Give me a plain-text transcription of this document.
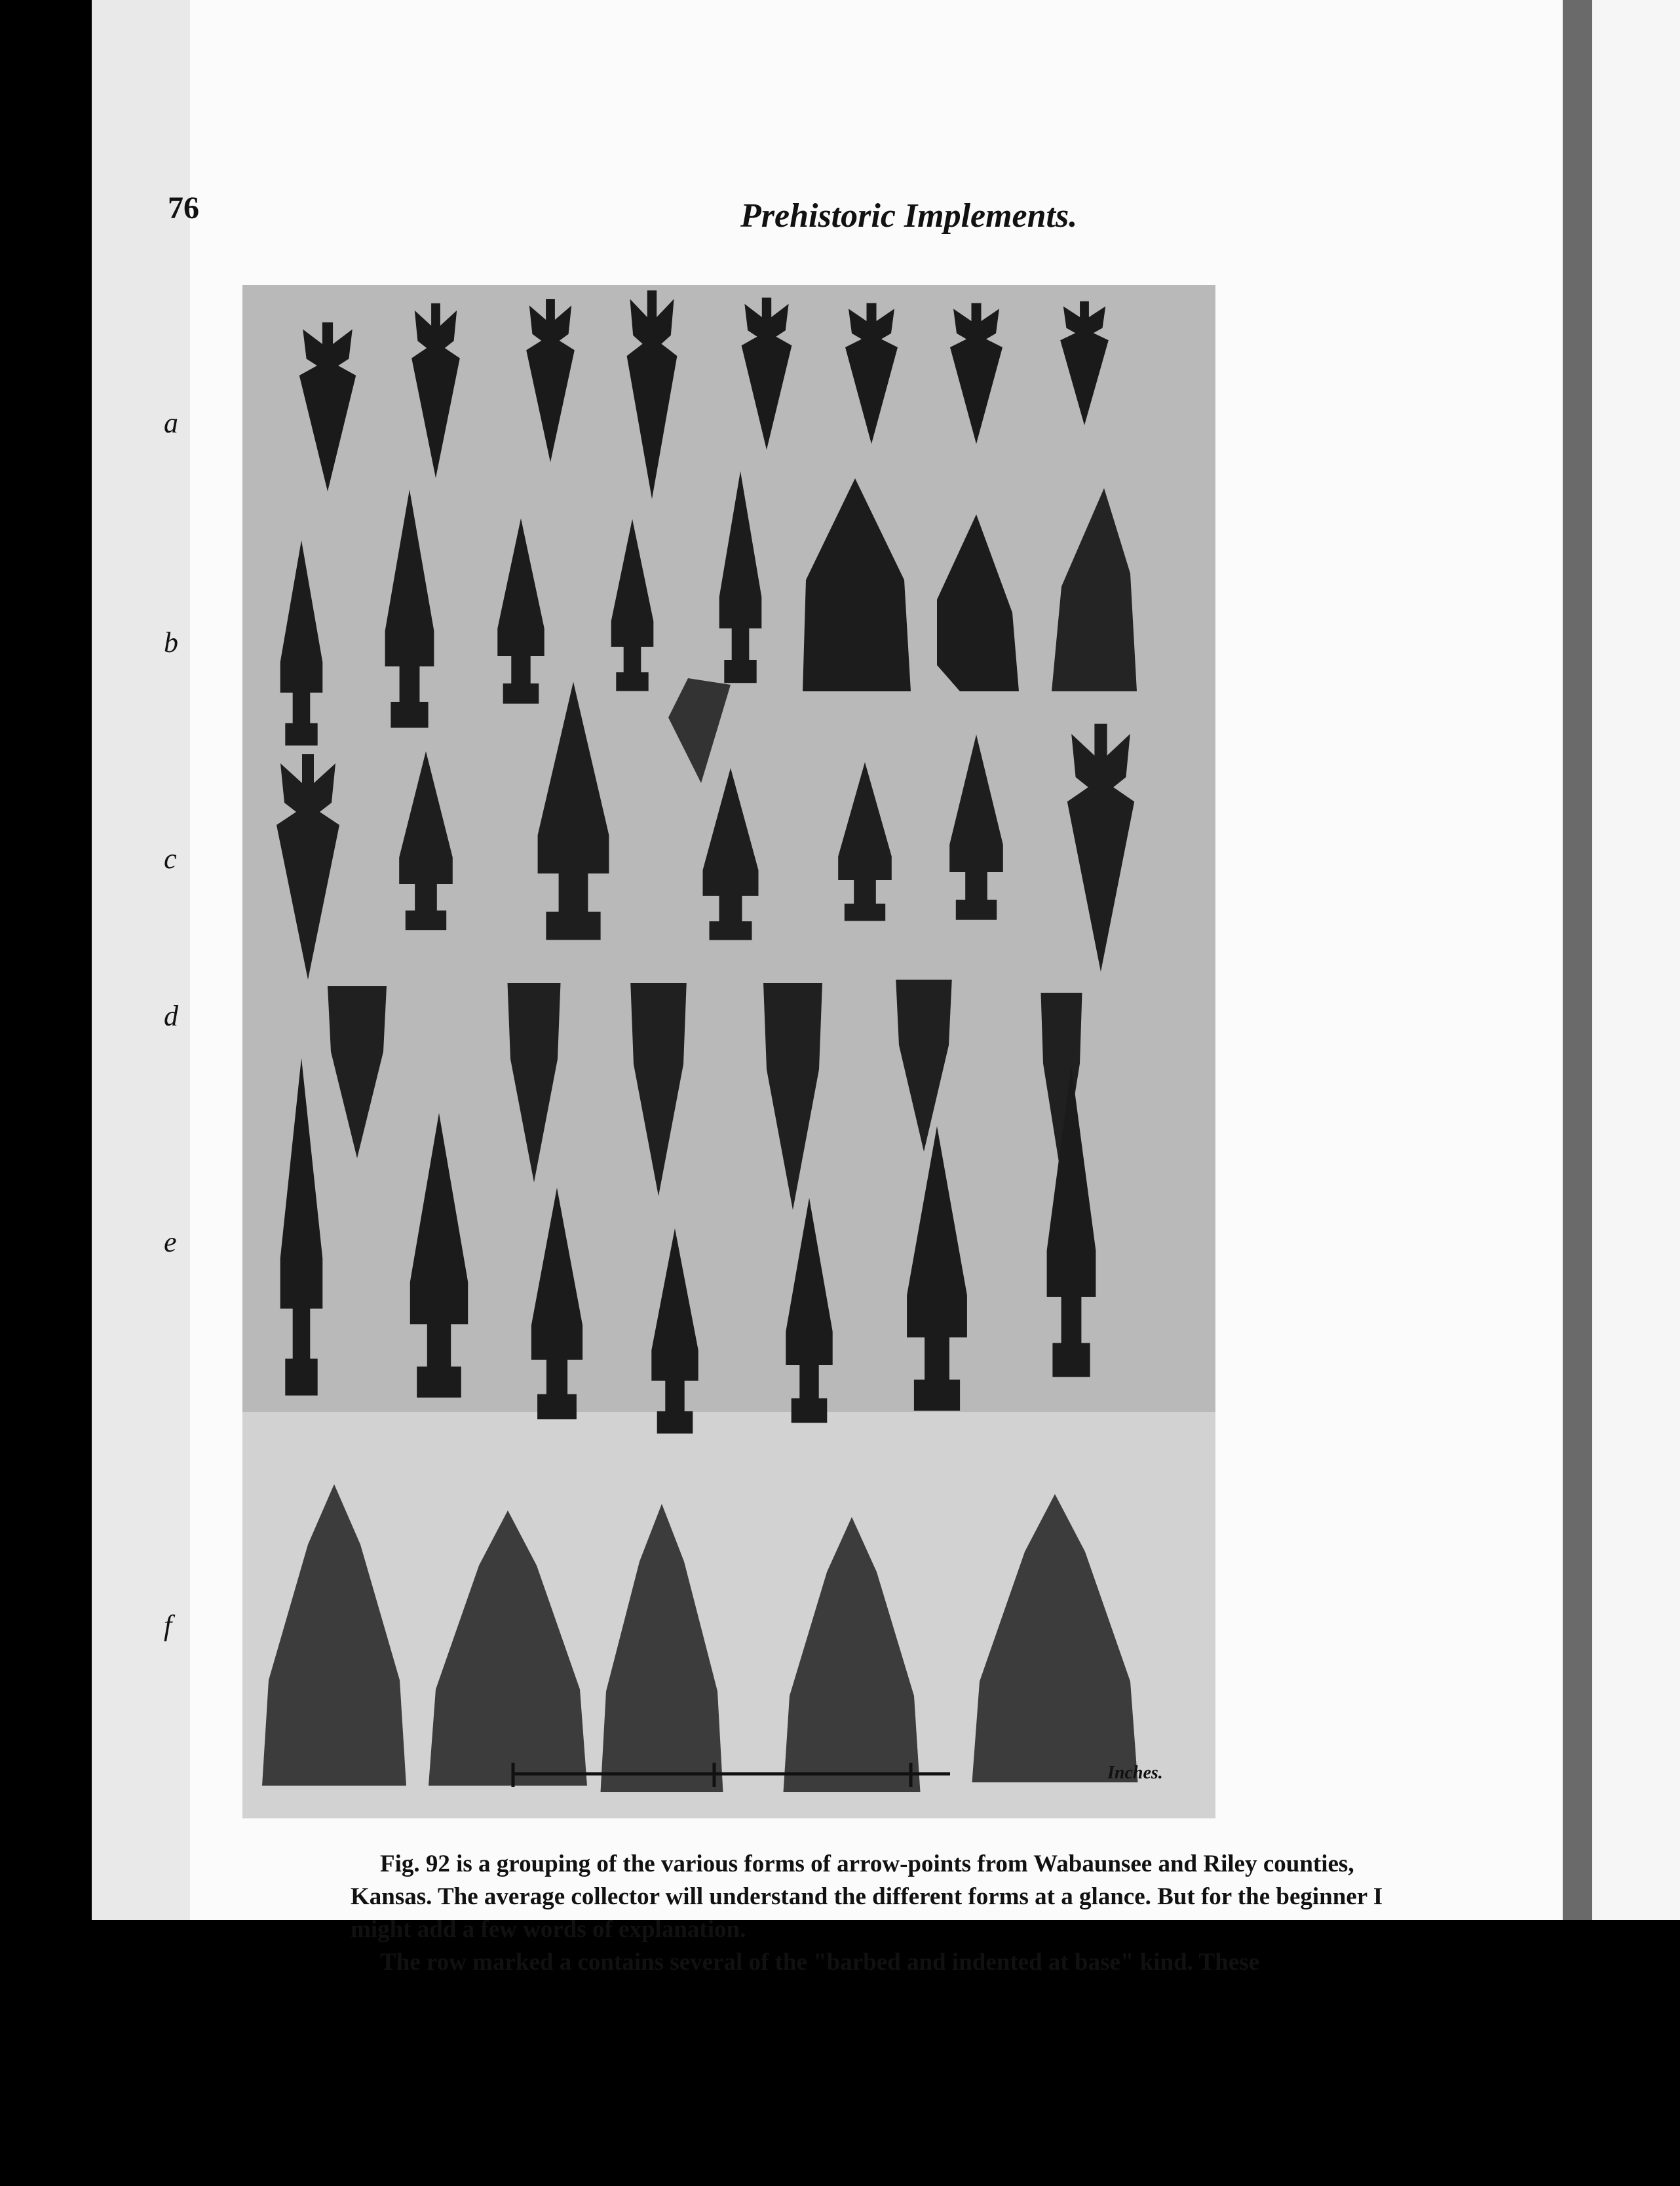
76	Prehistoric Implements.
Inches.
a
b
c
d
e
f

Fig. 92 is a grouping of the various forms of arrow-points from Wabaunsee and Riley counties, Kansas. The average collector will understand the different forms at a glance. But for the beginner I might add a few words of explanation.

The row marked a contains several of the "barbed and indented at base" kind. These
